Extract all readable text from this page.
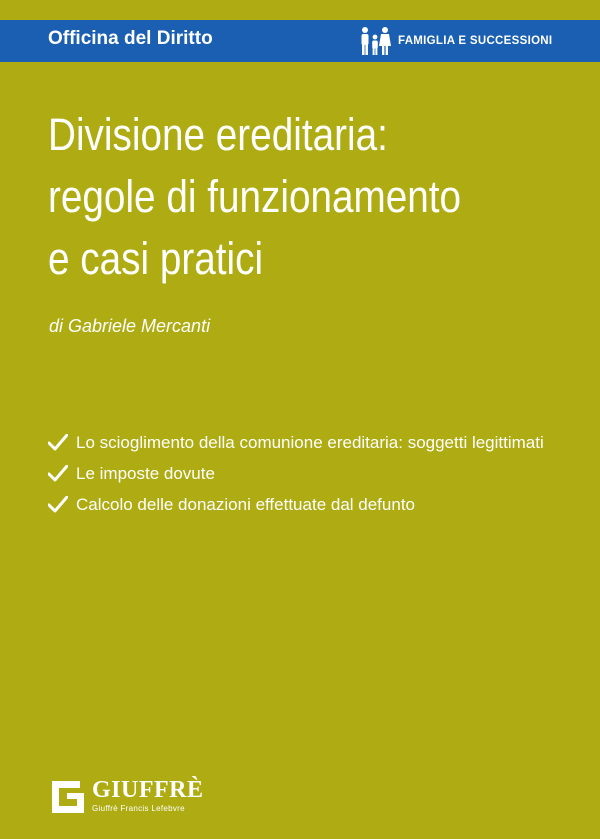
Officina del Diritto	FAMIGLIA E SUCCESSIONI
Divisione ereditaria:
regole di funzionamento
e casi pratici
di Gabriele Mercanti
Lo scioglimento della comunione ereditaria: soggetti legittimati
Le imposte dovute
Calcolo delle donazioni effettuate dal defunto
GIUFFRÈ
Giuffrè Francis Lefebvre
